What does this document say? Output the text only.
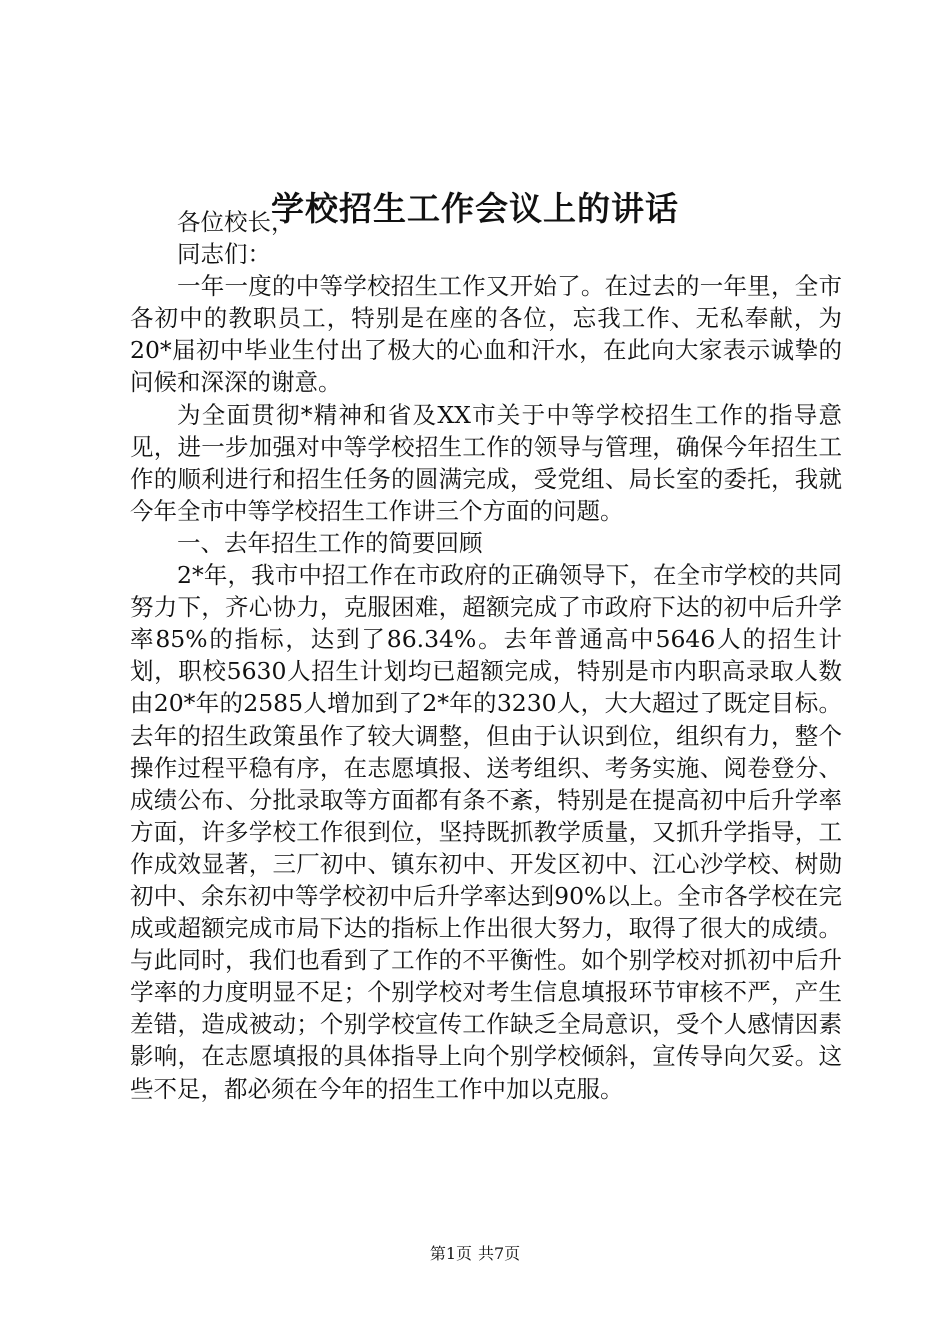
学校招生工作会议上的讲话

各位校长，

同志们：

一年一度的中等学校招生工作又开始了。在过去的一年里，全市各初中的教职员工，特别是在座的各位，忘我工作、无私奉献，为20*届初中毕业生付出了极大的心血和汗水，在此向大家表示诚挚的问候和深深的谢意。

为全面贯彻*精神和省及XX市关于中等学校招生工作的指导意见，进一步加强对中等学校招生工作的领导与管理，确保今年招生工作的顺利进行和招生任务的圆满完成，受党组、局长室的委托，我就今年全市中等学校招生工作讲三个方面的问题。

一、去年招生工作的简要回顾

2*年，我市中招工作在市政府的正确领导下，在全市学校的共同努力下，齐心协力，克服困难，超额完成了市政府下达的初中后升学率85%的指标，达到了86.34%。去年普通高中5646人的招生计划，职校5630人招生计划均已超额完成，特别是市内职高录取人数由20*年的2585人增加到了2*年的3230人，大大超过了既定目标。去年的招生政策虽作了较大调整，但由于认识到位，组织有力，整个操作过程平稳有序，在志愿填报、送考组织、考务实施、阅卷登分、成绩公布、分批录取等方面都有条不紊，特别是在提高初中后升学率方面，许多学校工作很到位，坚持既抓教学质量，又抓升学指导，工作成效显著，三厂初中、镇东初中、开发区初中、江心沙学校、树勋初中、余东初中等学校初中后升学率达到90%以上。全市各学校在完成或超额完成市局下达的指标上作出很大努力，取得了很大的成绩。与此同时，我们也看到了工作的不平衡性。如个别学校对抓初中后升学率的力度明显不足；个别学校对考生信息填报环节审核不严，产生差错，造成被动；个别学校宣传工作缺乏全局意识，受个人感情因素影响，在志愿填报的具体指导上向个别学校倾斜，宣传导向欠妥。这些不足，都必须在今年的招生工作中加以克服。

第1页 共7页
